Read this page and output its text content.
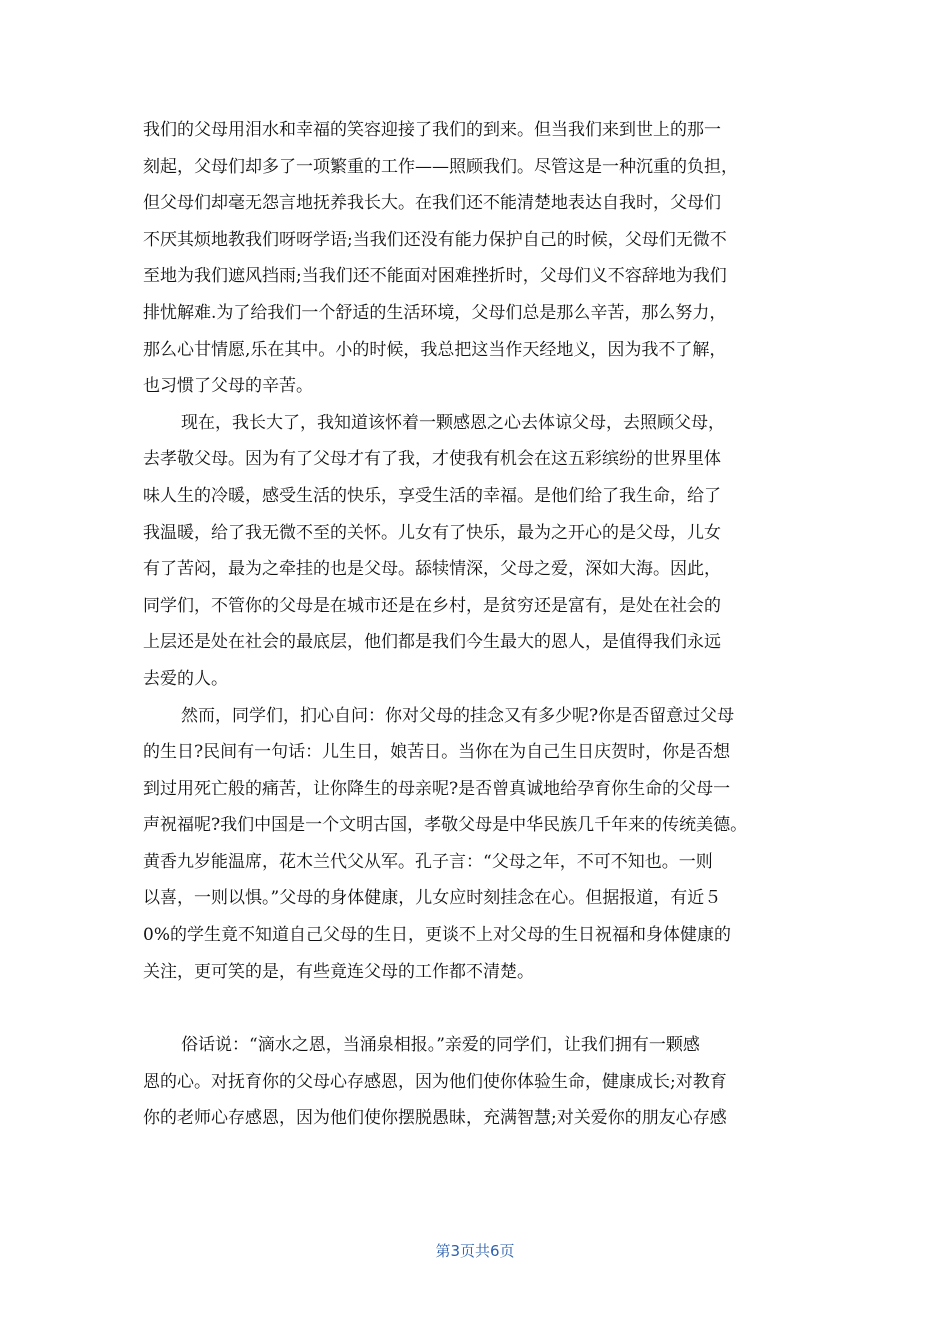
我们的父母用泪水和幸福的笑容迎接了我们的到来。但当我们来到世上的那一
刻起，父母们却多了一项繁重的工作——照顾我们。尽管这是一种沉重的负担，
但父母们却毫无怨言地抚养我长大。在我们还不能清楚地表达自我时，父母们
不厌其烦地教我们呀呀学语;当我们还没有能力保护自己的时候，父母们无微不
至地为我们遮风挡雨;当我们还不能面对困难挫折时，父母们义不容辞地为我们
排忧解难.为了给我们一个舒适的生活环境，父母们总是那么辛苦，那么努力，
那么心甘情愿,乐在其中。小的时候，我总把这当作天经地义，因为我不了解，
也习惯了父母的辛苦。
现在，我长大了，我知道该怀着一颗感恩之心去体谅父母，去照顾父母，
去孝敬父母。因为有了父母才有了我，才使我有机会在这五彩缤纷的世界里体
味人生的冷暖，感受生活的快乐，享受生活的幸福。是他们给了我生命，给了
我温暖，给了我无微不至的关怀。儿女有了快乐，最为之开心的是父母，儿女
有了苦闷，最为之牵挂的也是父母。舔犊情深，父母之爱，深如大海。因此，
同学们，不管你的父母是在城市还是在乡村，是贫穷还是富有，是处在社会的
上层还是处在社会的最底层，他们都是我们今生最大的恩人，是值得我们永远
去爱的人。
然而，同学们，扪心自问：你对父母的挂念又有多少呢?你是否留意过父母
的生日?民间有一句话：儿生日，娘苦日。当你在为自己生日庆贺时，你是否想
到过用死亡般的痛苦，让你降生的母亲呢?是否曾真诚地给孕育你生命的父母一
声祝福呢?我们中国是一个文明古国，孝敬父母是中华民族几千年来的传统美德。
黄香九岁能温席，花木兰代父从军。孔子言：“父母之年，不可不知也。一则
以喜，一则以惧。”父母的身体健康，儿女应时刻挂念在心。但据报道，有近５
0%的学生竟不知道自己父母的生日，更谈不上对父母的生日祝福和身体健康的
关注，更可笑的是，有些竟连父母的工作都不清楚。
俗话说：“滴水之恩，当涌泉相报。”亲爱的同学们，让我们拥有一颗感
恩的心。对抚育你的父母心存感恩，因为他们使你体验生命，健康成长;对教育
你的老师心存感恩，因为他们使你摆脱愚昧，充满智慧;对关爱你的朋友心存感
第3页共6页
